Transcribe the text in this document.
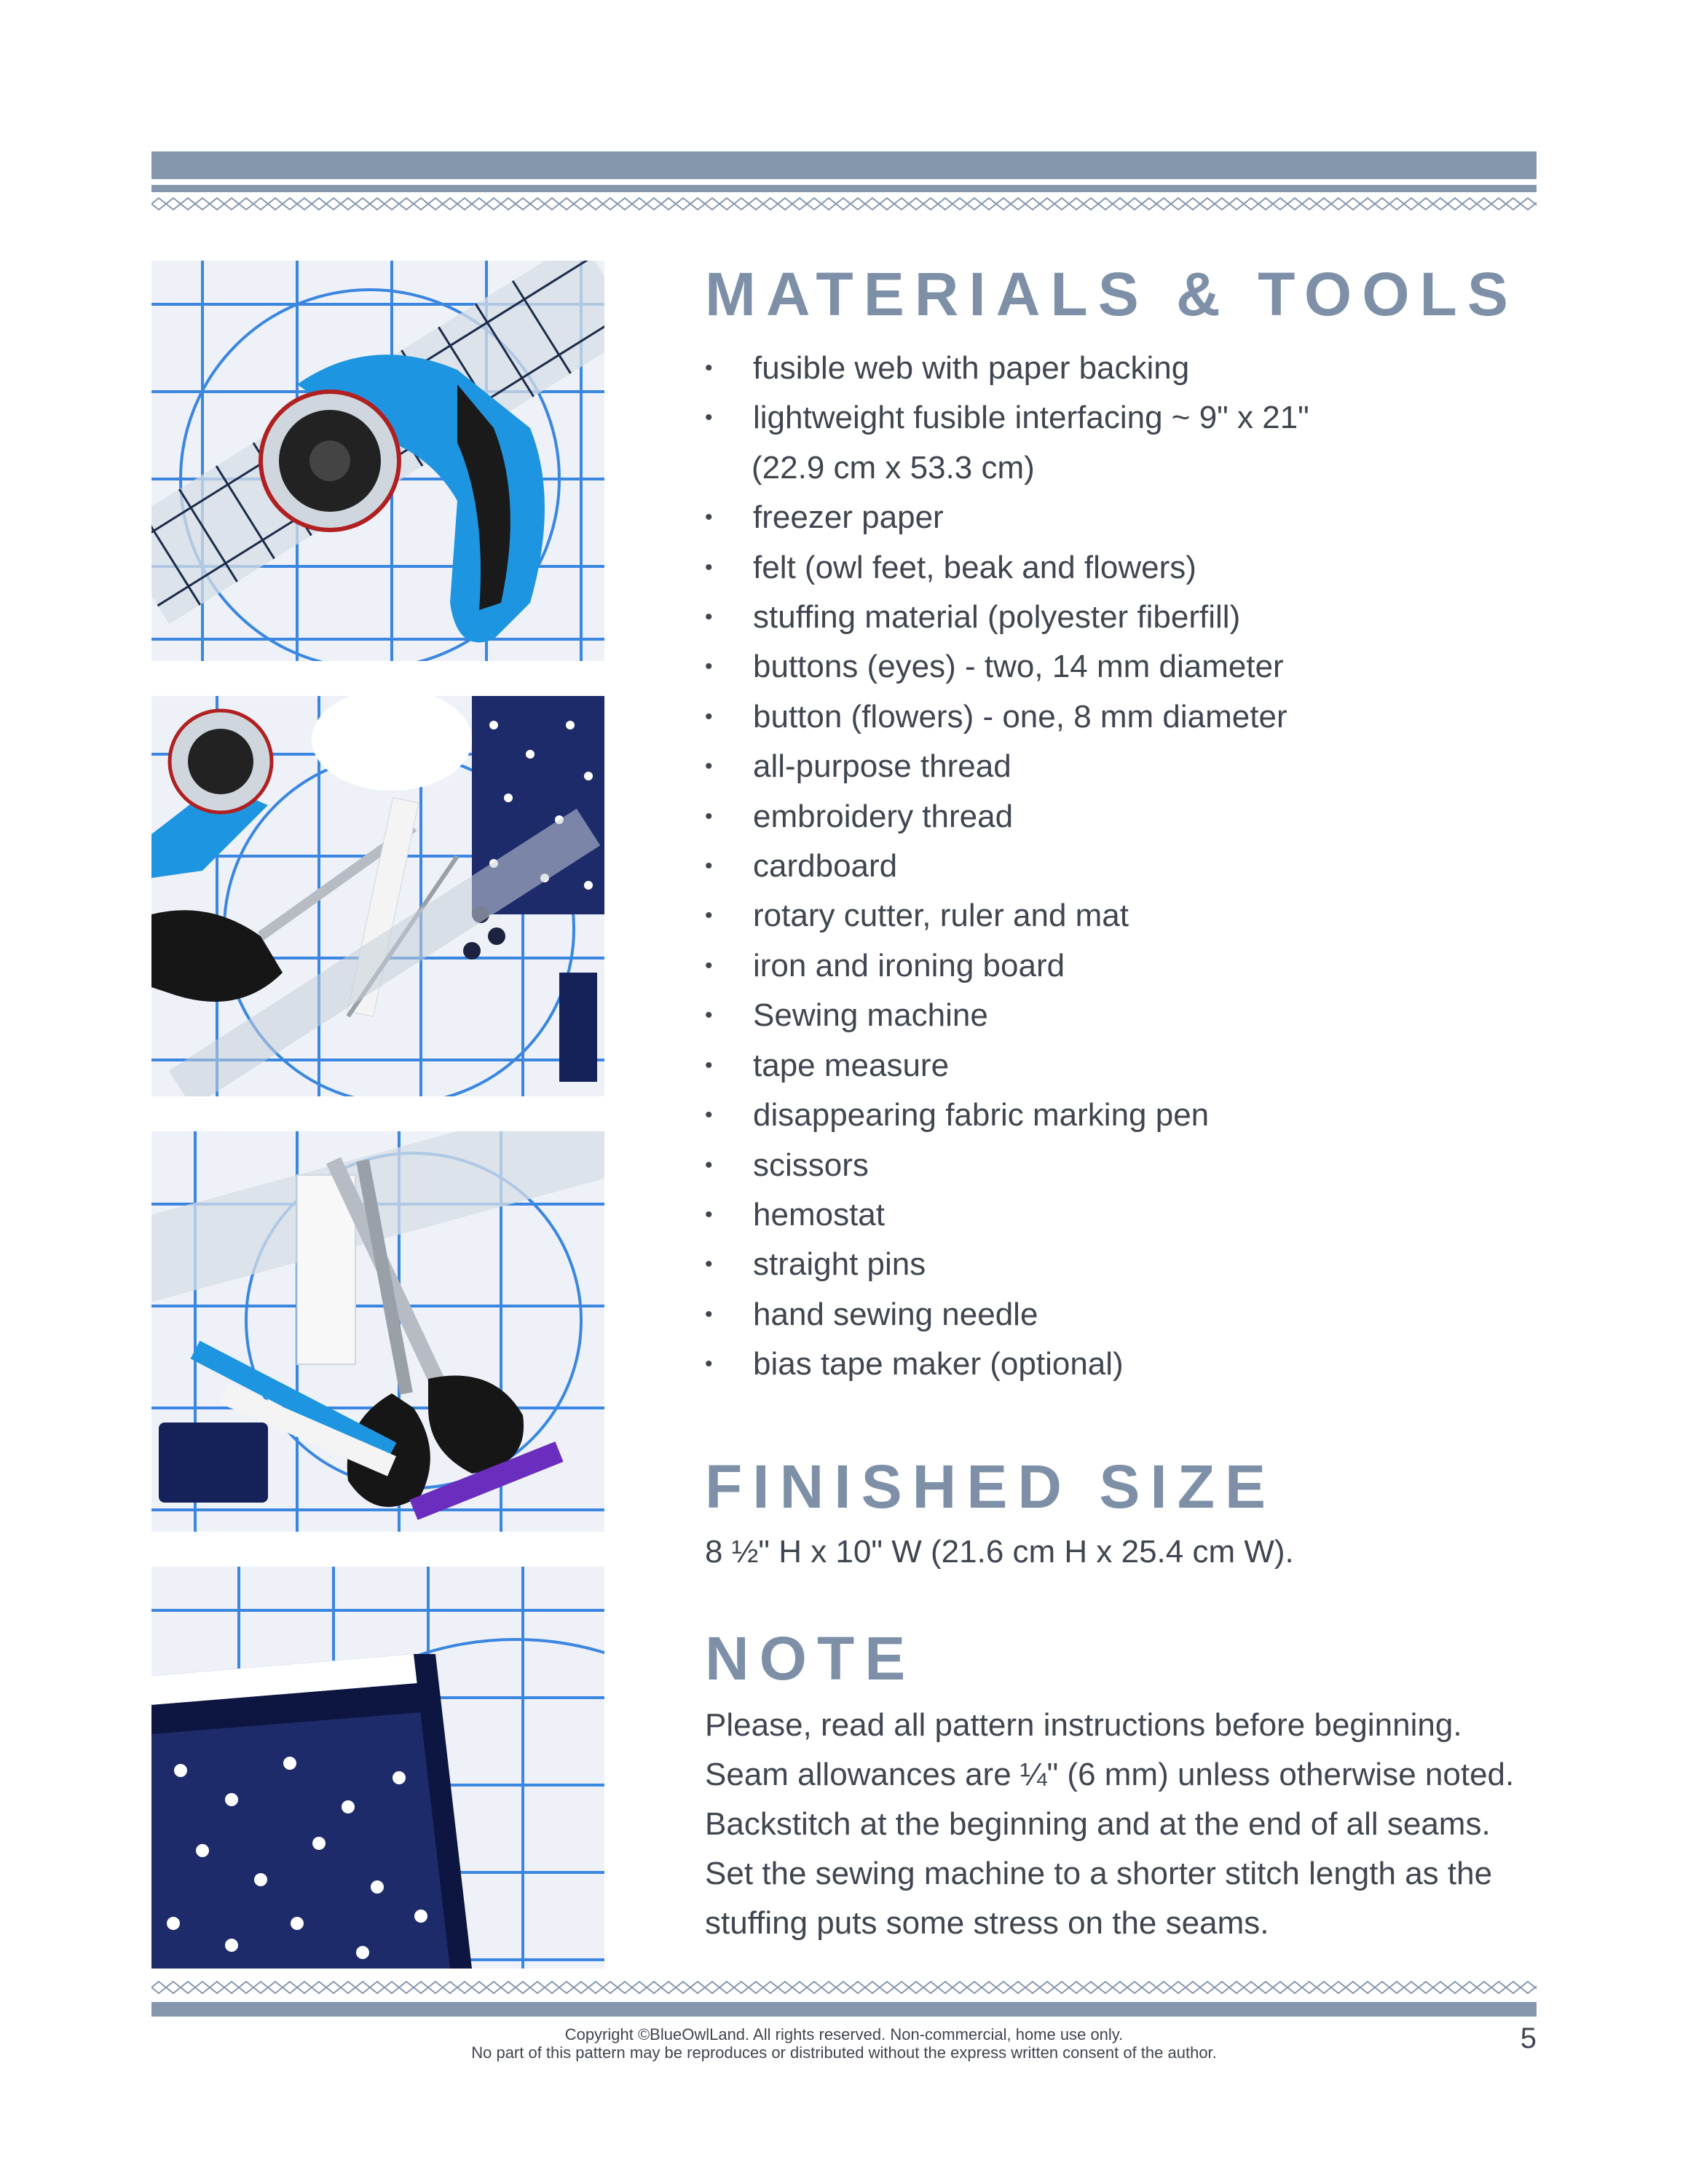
MATERIALS & TOOLS
• fusible web with paper backing
• lightweight fusible interfacing ~ 9" x 21"
(22.9 cm x 53.3 cm)
• freezer paper
• felt (owl feet, beak and flowers)
• stuffing material (polyester fiberfill)
• buttons (eyes) - two, 14 mm diameter
• button (flowers) - one, 8 mm diameter
• all-purpose thread
• embroidery thread
• cardboard
• rotary cutter, ruler and mat
• iron and ironing board
• Sewing machine
• tape measure
• disappearing fabric marking pen
• scissors
• hemostat
• straight pins
• hand sewing needle
• bias tape maker (optional)
FINISHED SIZE

8 ½" H x 10" W (21.6 cm H x 25.4 cm W).

NOTE

Please, read all pattern instructions before beginning.

Seam allowances are ¼" (6 mm) unless otherwise noted.

Backstitch at the beginning and at the end of all seams.

Set the sewing machine to a shorter stitch length as the

stuffing puts some stress on the seams.

Copyright ©BlueOwlLand. All rights reserved. Non-commercial, home use only.
No part of this pattern may be reproduces or distributed without the express written consent of the author.	5
